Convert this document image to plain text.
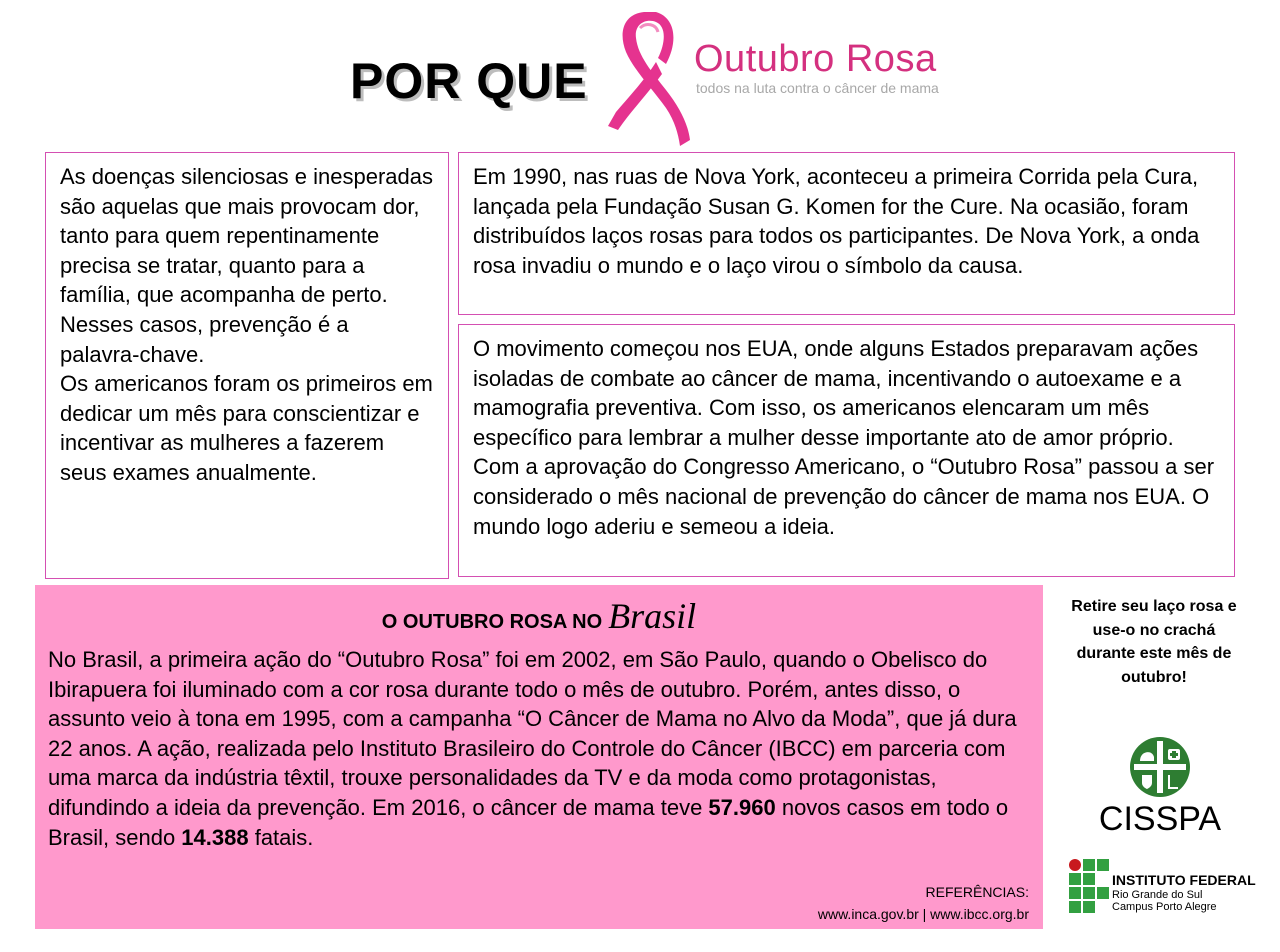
POR QUE	Outubro Rosa
todos na luta contra o câncer de mama

As doenças silenciosas e inesperadas são aquelas que mais provocam dor, tanto para quem repentinamente precisa se tratar, quanto para a família, que acompanha de perto.

Nesses casos, prevenção é a palavra-chave.

Os americanos foram os primeiros em dedicar um mês para conscientizar e incentivar as mulheres a fazerem seus exames anualmente.

Em 1990, nas ruas de Nova York, aconteceu a primeira Corrida pela Cura, lançada pela Fundação Susan G. Komen for the Cure. Na ocasião, foram distribuídos laços rosas para todos os participantes. De Nova York, a onda rosa invadiu o mundo e o laço virou o símbolo da causa.

O movimento começou nos EUA, onde alguns Estados preparavam ações isoladas de combate ao câncer de mama, incentivando o autoexame e a mamografia preventiva. Com isso, os americanos elencaram um mês específico para lembrar a mulher desse importante ato de amor próprio. Com a aprovação do Congresso Americano, o “Outubro Rosa” passou a ser considerado o mês nacional de prevenção do câncer de mama nos EUA. O mundo logo aderiu e semeou a ideia.

O OUTUBRO ROSA NO Brasil

No Brasil, a primeira ação do “Outubro Rosa” foi em 2002, em São Paulo, quando o Obelisco do Ibirapuera foi iluminado com a cor rosa durante todo o mês de outubro. Porém, antes disso, o assunto veio à tona em 1995, com a campanha “O Câncer de Mama no Alvo da Moda”, que já dura 22 anos. A ação, realizada pelo Instituto Brasileiro do Controle do Câncer (IBCC) em parceria com uma marca da indústria têxtil, trouxe personalidades da TV e da moda como protagonistas, difundindo a ideia da prevenção. Em 2016, o câncer de mama teve 57.960 novos casos em todo o Brasil, sendo 14.388 fatais.

REFERÊNCIAS:
www.inca.gov.br | www.ibcc.org.br
Retire seu laço rosa e use-o no crachá durante este mês de outubro!
CISSPA
INSTITUTO FEDERAL
Rio Grande do Sul
Campus Porto Alegre
